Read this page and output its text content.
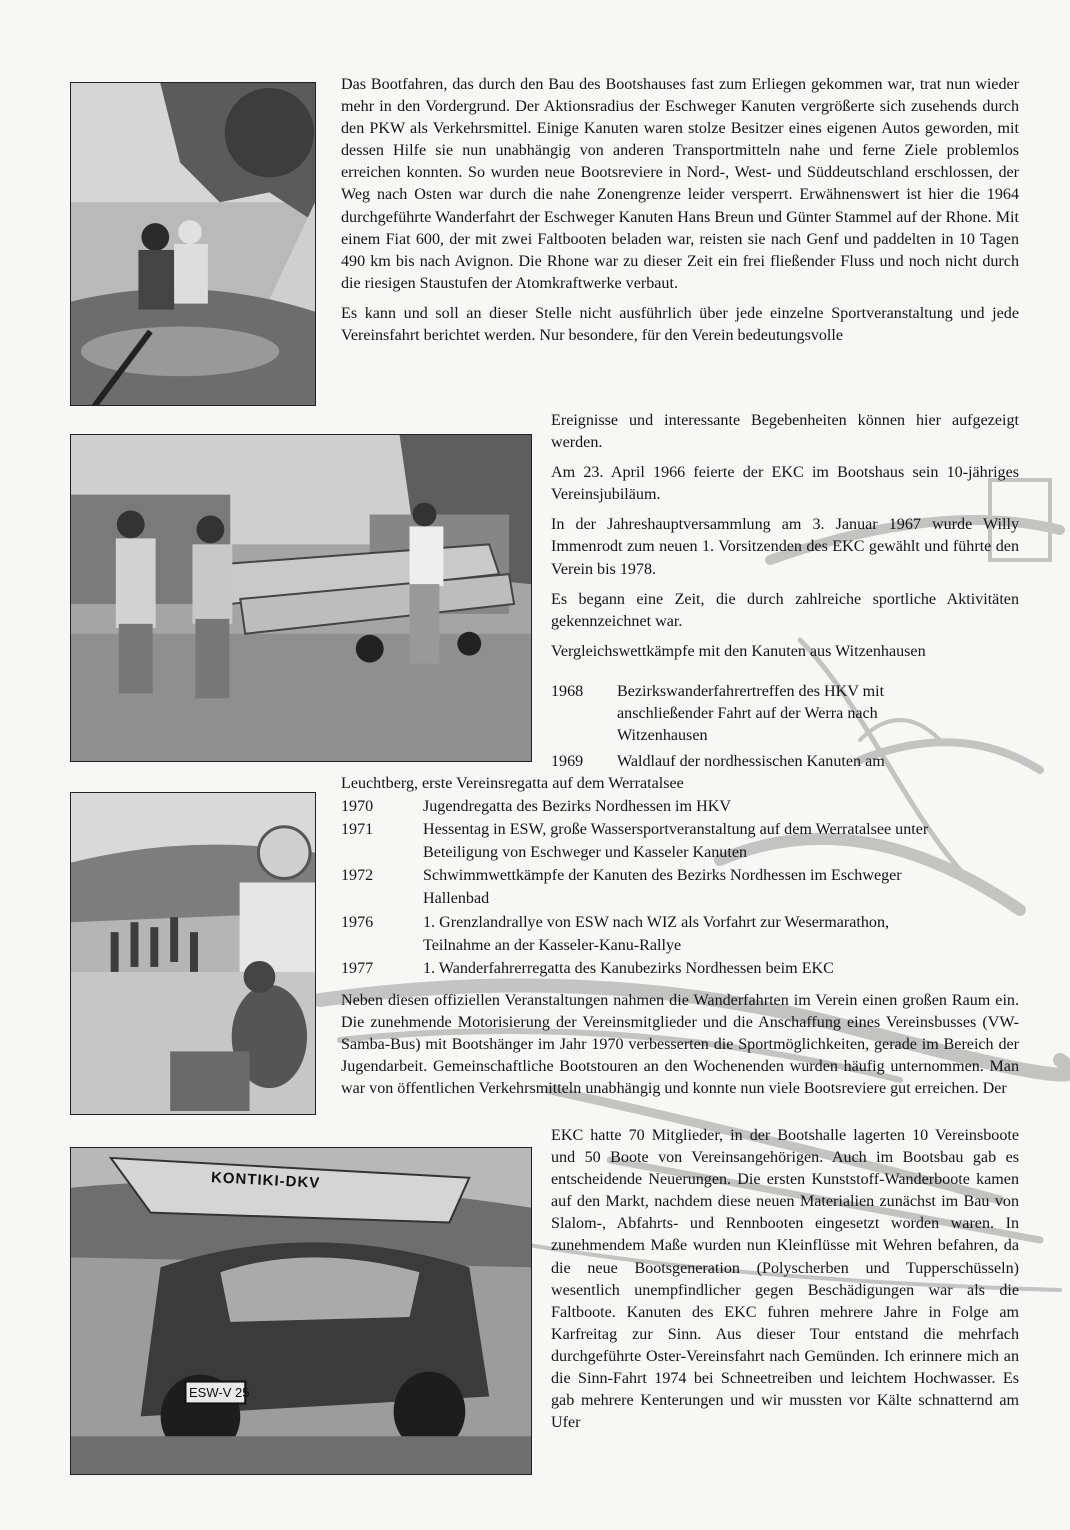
KONTIKI-DKV
ESW-V 25

Das Bootfahren, das durch den Bau des Bootshauses fast zum Erliegen gekommen war, trat nun wieder mehr in den Vordergrund. Der Aktionsradius der Eschweger Kanuten vergrößerte sich zusehends durch den PKW als Verkehrsmittel. Einige Kanuten waren stolze Besitzer eines eigenen Autos geworden, mit dessen Hilfe sie nun unabhängig von anderen Transportmitteln nahe und ferne Ziele problemlos erreichen konnten. So wurden neue Bootsreviere in Nord-, West- und Süddeutschland erschlossen, der Weg nach Osten war durch die nahe Zonengrenze leider versperrt. Erwähnenswert ist hier die 1964 durchgeführte Wanderfahrt der Eschweger Kanuten Hans Breun und Günter Stammel auf der Rhone. Mit einem Fiat 600, der mit zwei Faltbooten beladen war, reisten sie nach Genf und paddelten in 10 Tagen 490 km bis nach Avignon. Die Rhone war zu dieser Zeit ein frei fließender Fluss und noch nicht durch die riesigen Staustufen der Atomkraftwerke verbaut.

Es kann und soll an dieser Stelle nicht ausführlich über jede einzelne Sportveranstaltung und jede Vereinsfahrt berichtet werden. Nur besondere, für den Verein bedeutungsvolle

Ereignisse und interessante Begebenheiten können hier aufgezeigt werden.

Am 23. April 1966 feierte der EKC im Bootshaus sein 10-jähriges Vereinsjubiläum.

In der Jahreshauptversammlung am 3. Januar 1967 wurde Willy Immenrodt zum neuen 1. Vorsitzenden des EKC gewählt und führte den Verein bis 1978.

Es begann eine Zeit, die durch zahlreiche sportliche Aktivitäten gekennzeichnet war.

Vergleichswettkämpfe mit den Kanuten aus Witzenhausen

1968 Bezirkswanderfahrertreffen des HKV mit
anschließender Fahrt auf der Werra nach
Witzenhausen
1969 Waldlauf der nordhessischen Kanuten am
Leuchtberg, erste Vereinsregatta auf dem Werratalsee
1970	Jugendregatta des Bezirks Nordhessen im HKV
1971	Hessentag in ESW, große Wassersportveranstaltung auf dem Werratalsee unter
Beteiligung von Eschweger und Kasseler Kanuten
1972	Schwimmwettkämpfe der Kanuten des Bezirks Nordhessen im Eschweger
Hallenbad
1976	1. Grenzlandrallye von ESW nach WIZ als Vorfahrt zur Wesermarathon,
Teilnahme an der Kasseler-Kanu-Rallye
1977	1. Wanderfahrerregatta des Kanubezirks Nordhessen beim EKC

Neben diesen offiziellen Veranstaltungen nahmen die Wanderfahrten im Verein einen großen Raum ein. Die zunehmende Motorisierung der Vereinsmitglieder und die Anschaffung eines Vereinsbusses (VW-Samba-Bus) mit Bootshänger im Jahr 1970 verbesserten die Sportmöglichkeiten, gerade im Bereich der Jugendarbeit. Gemeinschaftliche Bootstouren an den Wochenenden wurden häufig unternommen. Man war von öffentlichen Verkehrsmitteln unabhängig und konnte nun viele Bootsreviere gut erreichen. Der

EKC hatte 70 Mitglieder, in der Bootshalle lagerten 10 Vereinsboote und 50 Boote von Vereinsangehörigen. Auch im Bootsbau gab es entscheidende Neuerungen. Die ersten Kunststoff-Wanderboote kamen auf den Markt, nachdem diese neuen Materialien zunächst im Bau von Slalom-, Abfahrts- und Rennbooten eingesetzt worden waren. In zunehmendem Maße wurden nun Kleinflüsse mit Wehren befahren, da die neue Bootsgeneration (Polyscherben und Tupperschüsseln) wesentlich unempfindlicher gegen Beschädigungen war als die Faltboote. Kanuten des EKC fuhren mehrere Jahre in Folge am Karfreitag zur Sinn. Aus dieser Tour entstand die mehrfach durchgeführte Oster-Vereinsfahrt nach Gemünden. Ich erinnere mich an die Sinn-Fahrt 1974 bei Schneetreiben und leichtem Hochwasser. Es gab mehrere Kenterungen und wir mussten vor Kälte schnatternd am Ufer
